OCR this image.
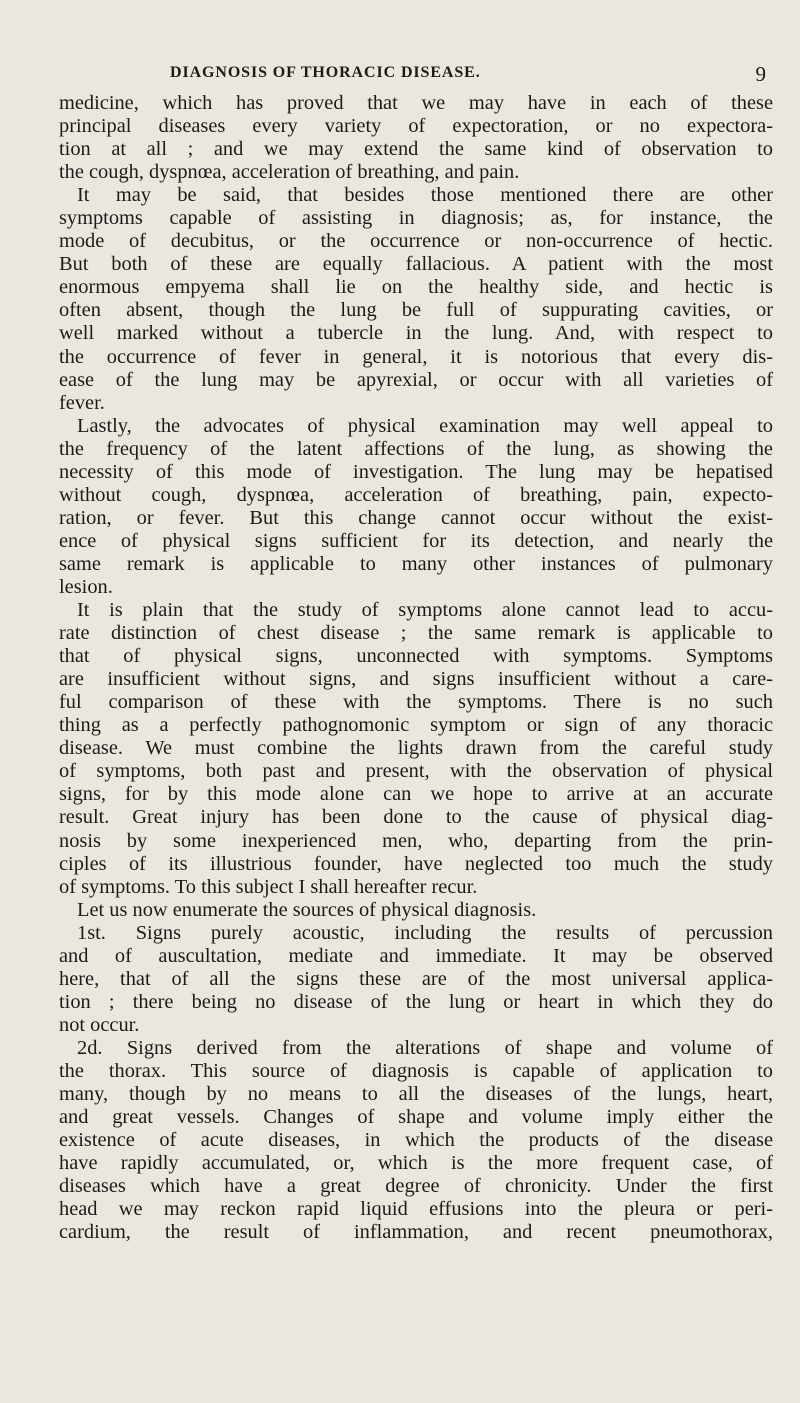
DIAGNOSIS OF THORACIC DISEASE.	9
medicine, which has proved that we may have in each of these
principal diseases every variety of expectoration, or no expectora-
tion at all ; and we may extend the same kind of observation to
the cough, dyspnœa, acceleration of breathing, and pain.
It may be said, that besides those mentioned there are other
symptoms capable of assisting in diagnosis; as, for instance, the
mode of decubitus, or the occurrence or non-occurrence of hectic.
But both of these are equally fallacious. A patient with the most
enormous empyema shall lie on the healthy side, and hectic is
often absent, though the lung be full of suppurating cavities, or
well marked without a tubercle in the lung. And, with respect to
the occurrence of fever in general, it is notorious that every dis-
ease of the lung may be apyrexial, or occur with all varieties of
fever.
Lastly, the advocates of physical examination may well appeal to
the frequency of the latent affections of the lung, as showing the
necessity of this mode of investigation. The lung may be hepatised
without cough, dyspnœa, acceleration of breathing, pain, expecto-
ration, or fever. But this change cannot occur without the exist-
ence of physical signs sufficient for its detection, and nearly the
same remark is applicable to many other instances of pulmonary
lesion.
It is plain that the study of symptoms alone cannot lead to accu-
rate distinction of chest disease ; the same remark is applicable to
that of physical signs, unconnected with symptoms. Symptoms
are insufficient without signs, and signs insufficient without a care-
ful comparison of these with the symptoms. There is no such
thing as a perfectly pathognomonic symptom or sign of any thoracic
disease. We must combine the lights drawn from the careful study
of symptoms, both past and present, with the observation of physical
signs, for by this mode alone can we hope to arrive at an accurate
result. Great injury has been done to the cause of physical diag-
nosis by some inexperienced men, who, departing from the prin-
ciples of its illustrious founder, have neglected too much the study
of symptoms. To this subject I shall hereafter recur.
Let us now enumerate the sources of physical diagnosis.
1st. Signs purely acoustic, including the results of percussion
and of auscultation, mediate and immediate. It may be observed
here, that of all the signs these are of the most universal applica-
tion ; there being no disease of the lung or heart in which they do
not occur.
2d. Signs derived from the alterations of shape and volume of
the thorax. This source of diagnosis is capable of application to
many, though by no means to all the diseases of the lungs, heart,
and great vessels. Changes of shape and volume imply either the
existence of acute diseases, in which the products of the disease
have rapidly accumulated, or, which is the more frequent case, of
diseases which have a great degree of chronicity. Under the first
head we may reckon rapid liquid effusions into the pleura or peri-
cardium, the result of inflammation, and recent pneumothorax,
